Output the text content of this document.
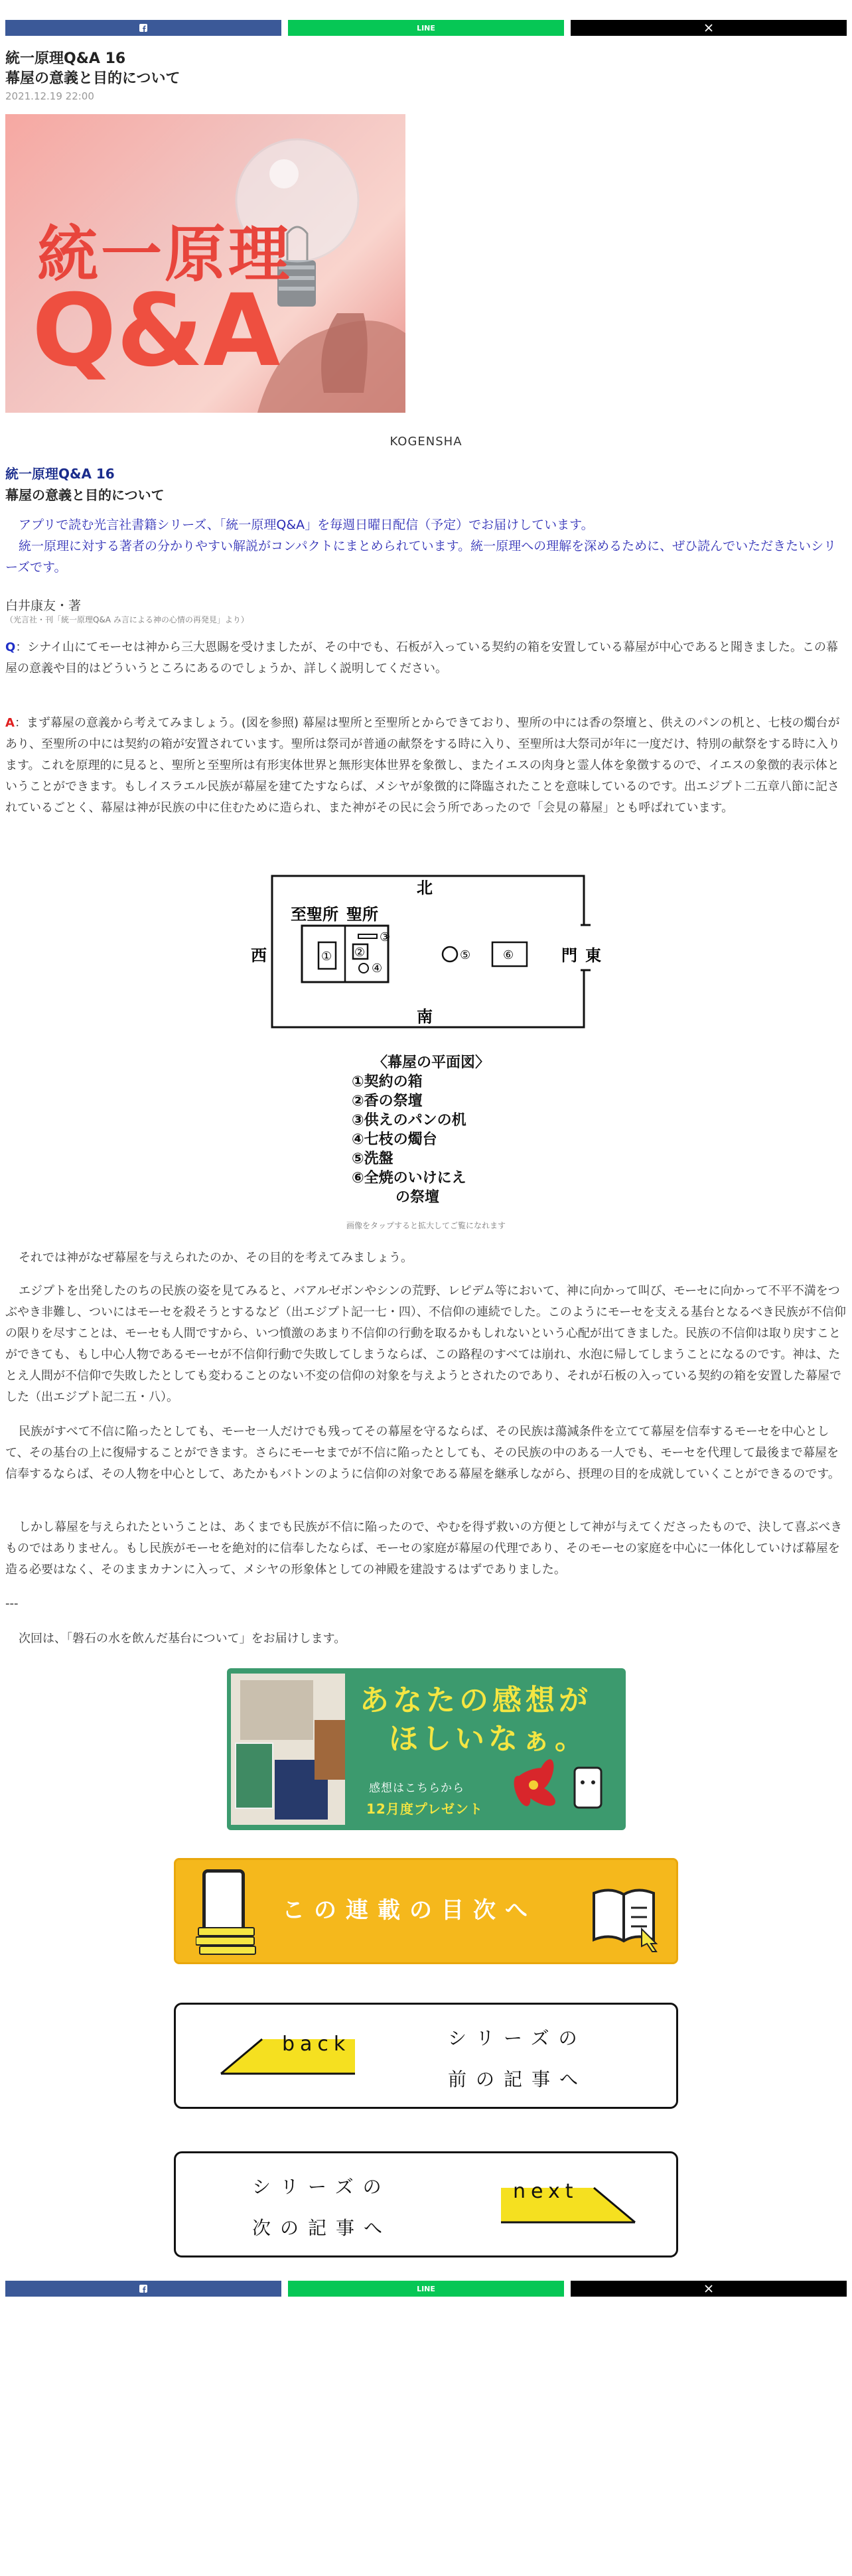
LINE
統一原理Q&A 16
幕屋の意義と目的について
2021.12.19 22:00
統一原理
Q&A
KOGENSHA
統一原理Q&A 16
幕屋の意義と目的について
アプリで読む光言社書籍シリーズ、「統一原理Q&A」を毎週日曜日配信（予定）でお届けしています。
統一原理に対する著者の分かりやすい解説がコンパクトにまとめられています。統一原理への理解を深めるために、ぜひ読んでいただきたいシリーズです。
白井康友・著
（光言社・刊「統一原理Q&A み言による神の心情の再発見」より）
Q：シナイ山にてモーセは神から三大恩賜を受けましたが、その中でも、石板が入っている契約の箱を安置している幕屋が中心であると聞きました。この幕屋の意義や目的はどういうところにあるのでしょうか、詳しく説明してください。
A：まず幕屋の意義から考えてみましょう。(図を参照) 幕屋は聖所と至聖所とからできており、聖所の中には香の祭壇と、供えのパンの机と、七枝の燭台があり、至聖所の中には契約の箱が安置されています。聖所は祭司が普通の献祭をする時に入り、至聖所は大祭司が年に一度だけ、特別の献祭をする時に入ります。これを原理的に見ると、聖所と至聖所は有形実体世界と無形実体世界を象徴し、またイエスの肉身と霊人体を象徴するので、イエスの象徴的表示体ということができます。もしイスラエル民族が幕屋を建てたすならば、メシヤが象徴的に降臨されたことを意味しているのです。出エジプト二五章八節に記されているごとく、幕屋は神が民族の中に住むために造られ、また神がその民に会う所であったので「会見の幕屋」とも呼ばれています。
北
南
西	東
至聖所 聖所
門
① ②
③
④
⑤	⑥
〈幕屋の平面図〉
①契約の箱
②香の祭壇
③供えのパンの机
④七枝の燭台
⑤洗盤
⑥全焼のいけにえ
の祭壇
画像をタップすると拡大してご覧になれます
それでは神がなぜ幕屋を与えられたのか、その目的を考えてみましょう。
エジプトを出発したのちの民族の姿を見てみると、バアルゼボンやシンの荒野、レピデム等において、神に向かって叫び、モーセに向かって不平不満をつぶやき非難し、ついにはモーセを殺そうとするなど（出エジプト記一七・四）、不信仰の連続でした。このようにモーセを支える基台となるべき民族が不信仰の限りを尽すことは、モーセも人間ですから、いつ憤激のあまり不信仰の行動を取るかもしれないという心配が出てきました。民族の不信仰は取り戻すことができても、もし中心人物であるモーセが不信仰行動で失敗してしまうならば、この路程のすべては崩れ、水泡に帰してしまうことになるのです。神は、たとえ人間が不信仰で失敗したとしても変わることのない不変の信仰の対象を与えようとされたのであり、それが石板の入っている契約の箱を安置した幕屋でした（出エジプト記二五・八）。
民族がすべて不信に陥ったとしても、モーセ一人だけでも残ってその幕屋を守るならば、その民族は蕩減条件を立てて幕屋を信奉するモーセを中心として、その基台の上に復帰することができます。さらにモーセまでが不信に陥ったとしても、その民族の中のある一人でも、モーセを代理して最後まで幕屋を信奉するならば、その人物を中心として、あたかもバトンのように信仰の対象である幕屋を継承しながら、摂理の目的を成就していくことができるのです。
しかし幕屋を与えられたということは、あくまでも民族が不信に陥ったので、やむを得ず救いの方便として神が与えてくださったもので、決して喜ぶべきものではありません。もし民族がモーセを絶対的に信奉したならば、モーセの家庭が幕屋の代理であり、そのモーセの家庭を中心に一体化していけば幕屋を造る必要はなく、そのままカナンに入って、メシヤの形象体としての神殿を建設するはずでありました。
---
次回は、「磐石の水を飲んだ基台について」をお届けします。
あなたの感想が
ほしいなぁ。
感想はこちらから
12月度プレゼント
この連載の目次へ
back	シリーズの
前の記事へ
シリーズの
次の記事へ
next
LINE
